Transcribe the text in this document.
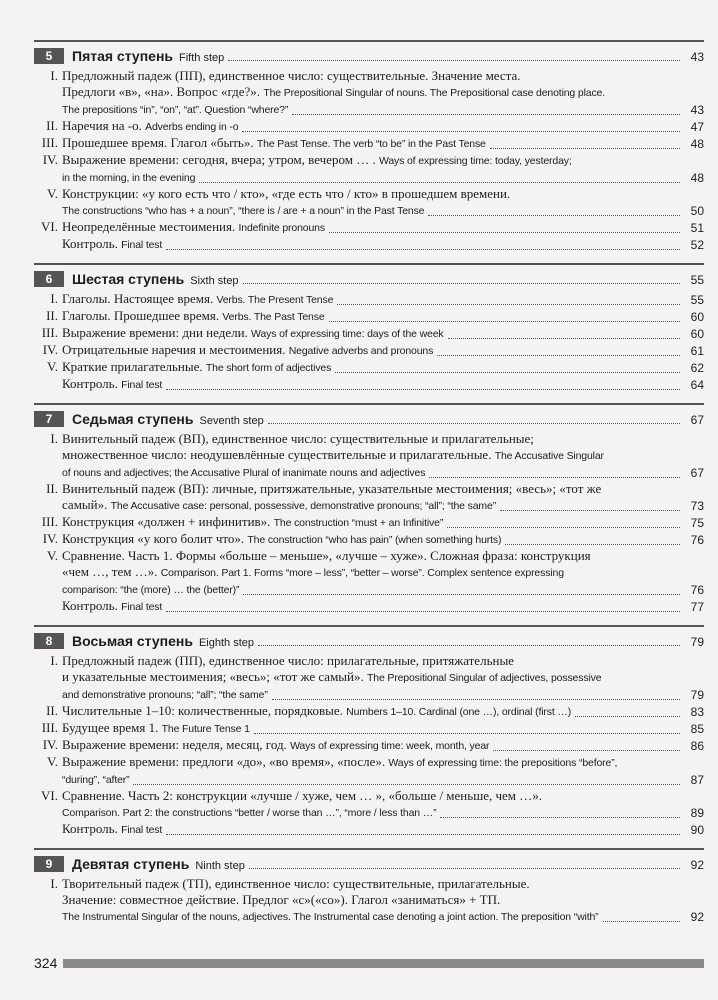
5	Пятая ступень Fifth step	43
I. Предложный падеж (ПП), единственное число: существительные. Значение места.
Предлоги «в», «на». Вопрос «где?». The Prepositional Singular of nouns. The Prepositional case denoting place.
The prepositions “in”, “on”, “at”. Question “where?”	43
II. Наречия на -о. Adverbs ending in -o	47
III. Прошедшее время. Глагол «быть». The Past Tense. The verb “to be” in the Past Tense	48
IV. Выражение времени: сегодня, вчера; утром, вечером … . Ways of expressing time: today, yesterday;
in the morning, in the evening	48
V. Конструкции: «у кого есть что / кто», «где есть что / кто» в прошедшем времени.
The constructions “who has + a noun”, “there is / are + a noun” in the Past Tense	50
VI. Неопределённые местоимения. Indefinite pronouns	51
Контроль. Final test	52
6	Шестая ступень Sixth step	55
I. Глаголы. Настоящее время. Verbs. The Present Tense	55
II. Глаголы. Прошедшее время. Verbs. The Past Tense	60
III. Выражение времени: дни недели. Ways of expressing time: days of the week	60
IV. Отрицательные наречия и местоимения. Negative adverbs and pronouns	61
V. Краткие прилагательные. The short form of adjectives	62
Контроль. Final test	64
7	Седьмая ступень Seventh step	67
I. Винительный падеж (ВП), единственное число: существительные и прилагательные;
множественное число: неодушевлённые существительные и прилагательные. The Accusative Singular
of nouns and adjectives; the Accusative Plural of inanimate nouns and adjectives	67
II. Винительный падеж (ВП): личные, притяжательные, указательные местоимения; «весь»; «тот же
самый». The Accusative case: personal, possessive, demonstrative pronouns; “all”; “the same”	73
III. Конструкция «должен + инфинитив». The construction “must + an Infinitive”	75
IV. Конструкция «у кого болит что». The construction “who has pain” (when something hurts)	76
V. Сравнение. Часть 1. Формы «больше – меньше», «лучше – хуже». Сложная фраза: конструкция
«чем …, тем …». Comparison. Part 1. Forms “more – less”, “better – worse”. Complex sentence expressing
comparison: “the (more) … the (better)”	76
Контроль. Final test	77
8	Восьмая ступень Eighth step	79
I. Предложный падеж (ПП), единственное число: прилагательные, притяжательные
и указательные местоимения; «весь»; «тот же самый». The Prepositional Singular of adjectives, possessive
and demonstrative pronouns; “all”; “the same”	79
II. Числительные 1–10: количественные, порядковые. Numbers 1–10. Cardinal (one …), ordinal (first …)	83
III. Будущее время 1. The Future Tense 1	85
IV. Выражение времени: неделя, месяц, год. Ways of expressing time: week, month, year	86
V. Выражение времени: предлоги «до», «во время», «после». Ways of expressing time: the prepositions “before”,
“during”, “after”	87
VI. Сравнение. Часть 2: конструкции «лучше / хуже, чем … », «больше / меньше, чем …».
Comparison. Part 2: the constructions “better / worse than …”, “more / less than …”	89
Контроль. Final test	90
9	Девятая ступень Ninth step	92
I. Творительный падеж (ТП), единственное число: существительные, прилагательные.
Значение: совместное действие. Предлог «с»(«со»). Глагол «заниматься» + ТП.
The Instrumental Singular of the nouns, adjectives. The Instrumental case denoting a joint action. The preposition “with”	92
324
